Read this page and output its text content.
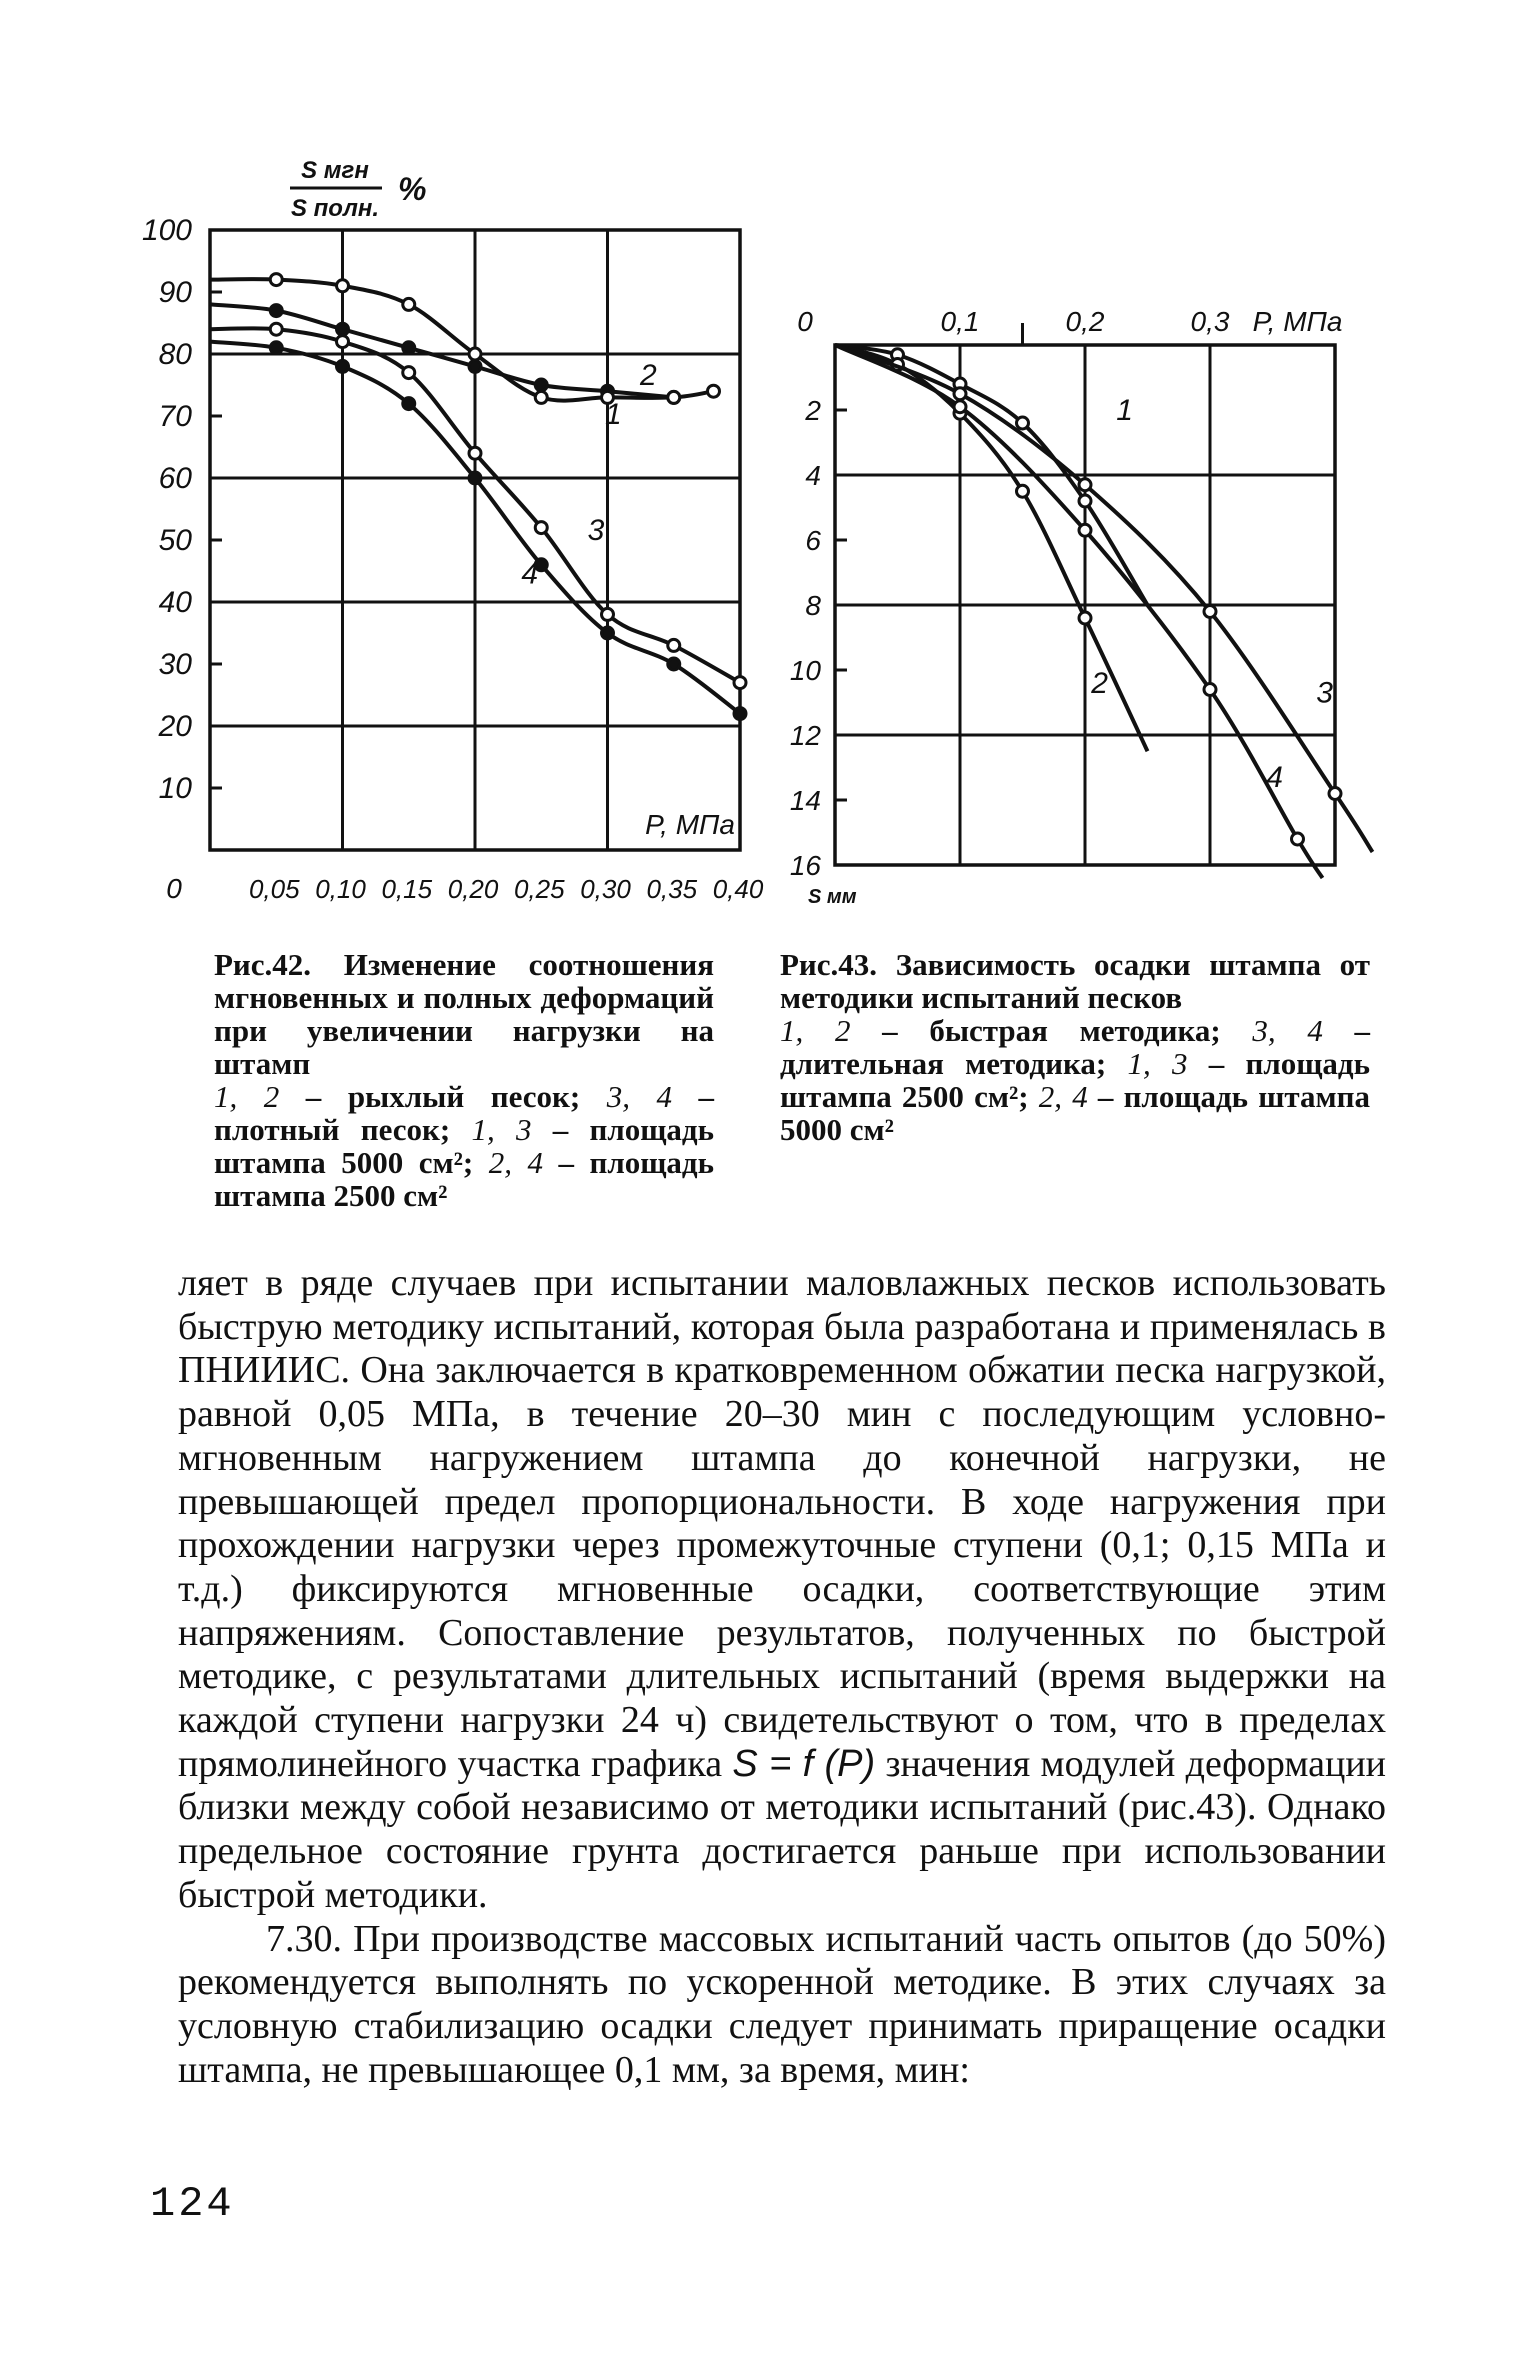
100
90
80
70
60
50
40
30
20
10
0,05 0,10 0,15 0,20 0,25 0,30 0,35 0,40
0
P, МПа
S мгн
S полн.
%
1
2
3
4
2
4
6
8
10
12
14
16
0,1	0,2	0,3
0	P, МПа
S мм
1
2	3
4

Рис.42. Изменение соотношения мгновенных и полных деформаций при увеличении нагрузки на штамп

1, 2 – рыхлый песок; 3, 4 – плотный песок; 1, 3 – площадь штампа 5000 см²; 2, 4 – площадь штампа 2500 см²

Рис.43. Зависимость осадки штампа от методики испытаний песков

1, 2 – быстрая методика; 3, 4 – длительная методика; 1, 3 – площадь штампа 2500 см²; 2, 4 – площадь штампа 5000 см²

ляет в ряде случаев при испытании маловлажных песков использовать быструю методику испытаний, которая была разработана и применялась в ПНИИИС. Она заключается в кратковременном обжатии песка нагрузкой, равной 0,05 МПа, в течение 20–30 мин с последующим условно-мгновенным нагружением штампа до конечной нагрузки, не превышающей предел пропорциональности. В ходе нагружения при прохождении нагрузки через промежуточные ступени (0,1; 0,15 МПа и т.д.) фиксируются мгновенные осадки, соответствующие этим напряжениям. Сопоставление результатов, полученных по быстрой методике, с результатами длительных испытаний (время выдержки на каждой ступени нагрузки 24 ч) свидетельствуют о том, что в пределах прямолинейного участка графика S = f (P) значения модулей деформации близки между собой независимо от методики испытаний (рис.43). Однако предельное состояние грунта достигается раньше при использовании быстрой методики.

7.30. При производстве массовых испытаний часть опытов (до 50%) рекомендуется выполнять по ускоренной методике. В этих случаях за условную стабилизацию осадки следует принимать приращение осадки штампа, не превышающее 0,1 мм, за время, мин:

124
